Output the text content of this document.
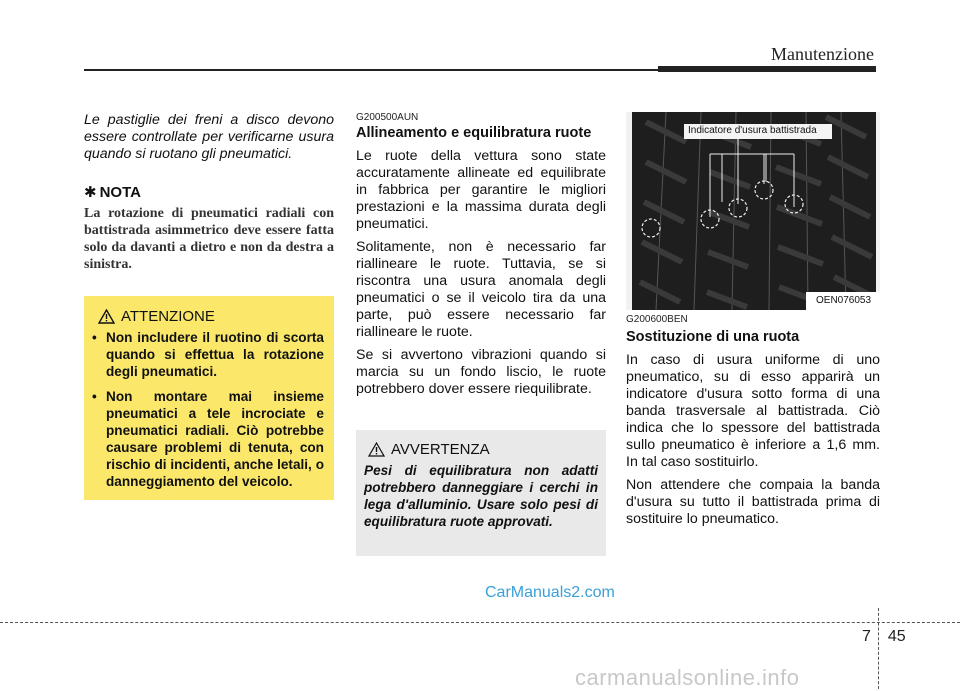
Manutenzione
Le pastiglie dei freni a disco devono essere controllate per verificarne usura quando si ruotano gli pneumatici.
✱ NOTA
La rotazione di pneumatici radiali con battistrada asimmetrico deve essere fatta solo da davanti a dietro e non da destra a sinistra.
ATTENZIONE
• Non includere il ruotino di scorta quando si effettua la rotazione degli pneumatici.
• Non montare mai insieme pneumatici a tele incrociate e pneumatici radiali. Ciò potrebbe causare problemi di tenuta, con rischio di incidenti, anche letali, o danneggiamento del veicolo.
G200500AUN
Allineamento e equilibratura ruote
Le ruote della vettura sono state accuratamente allineate ed equilibrate in fabbrica per garantire le migliori prestazioni e la massima durata degli pneumatici.
Solitamente, non è necessario far riallineare le ruote. Tuttavia, se si riscontra una usura anomala degli pneumatici o se il veicolo tira da una parte, può essere necessario far riallineare le ruote.
Se si avvertono vibrazioni quando si marcia su un fondo liscio, le ruote potrebbero dover essere riequilibrate.
AVVERTENZA
Pesi di equilibratura non adatti potrebbero danneggiare i cerchi in lega d'alluminio. Usare solo pesi di equilibratura ruote approvati.
Indicatore d'usura battistrada
OEN076053
G200600BEN
Sostituzione di una ruota
In caso di usura uniforme di uno pneumatico, su di esso apparirà un indicatore d'usura sotto forma di una banda trasversale al battistrada. Ciò indica che lo spessore del battistrada sullo pneumatico è inferiore a 1,6 mm. In tal caso sostituirlo.
Non attendere che compaia la banda d'usura su tutto il battistrada prima di sostituire lo pneumatico.
CarManuals2.com
7 45
carmanualsonline.info
